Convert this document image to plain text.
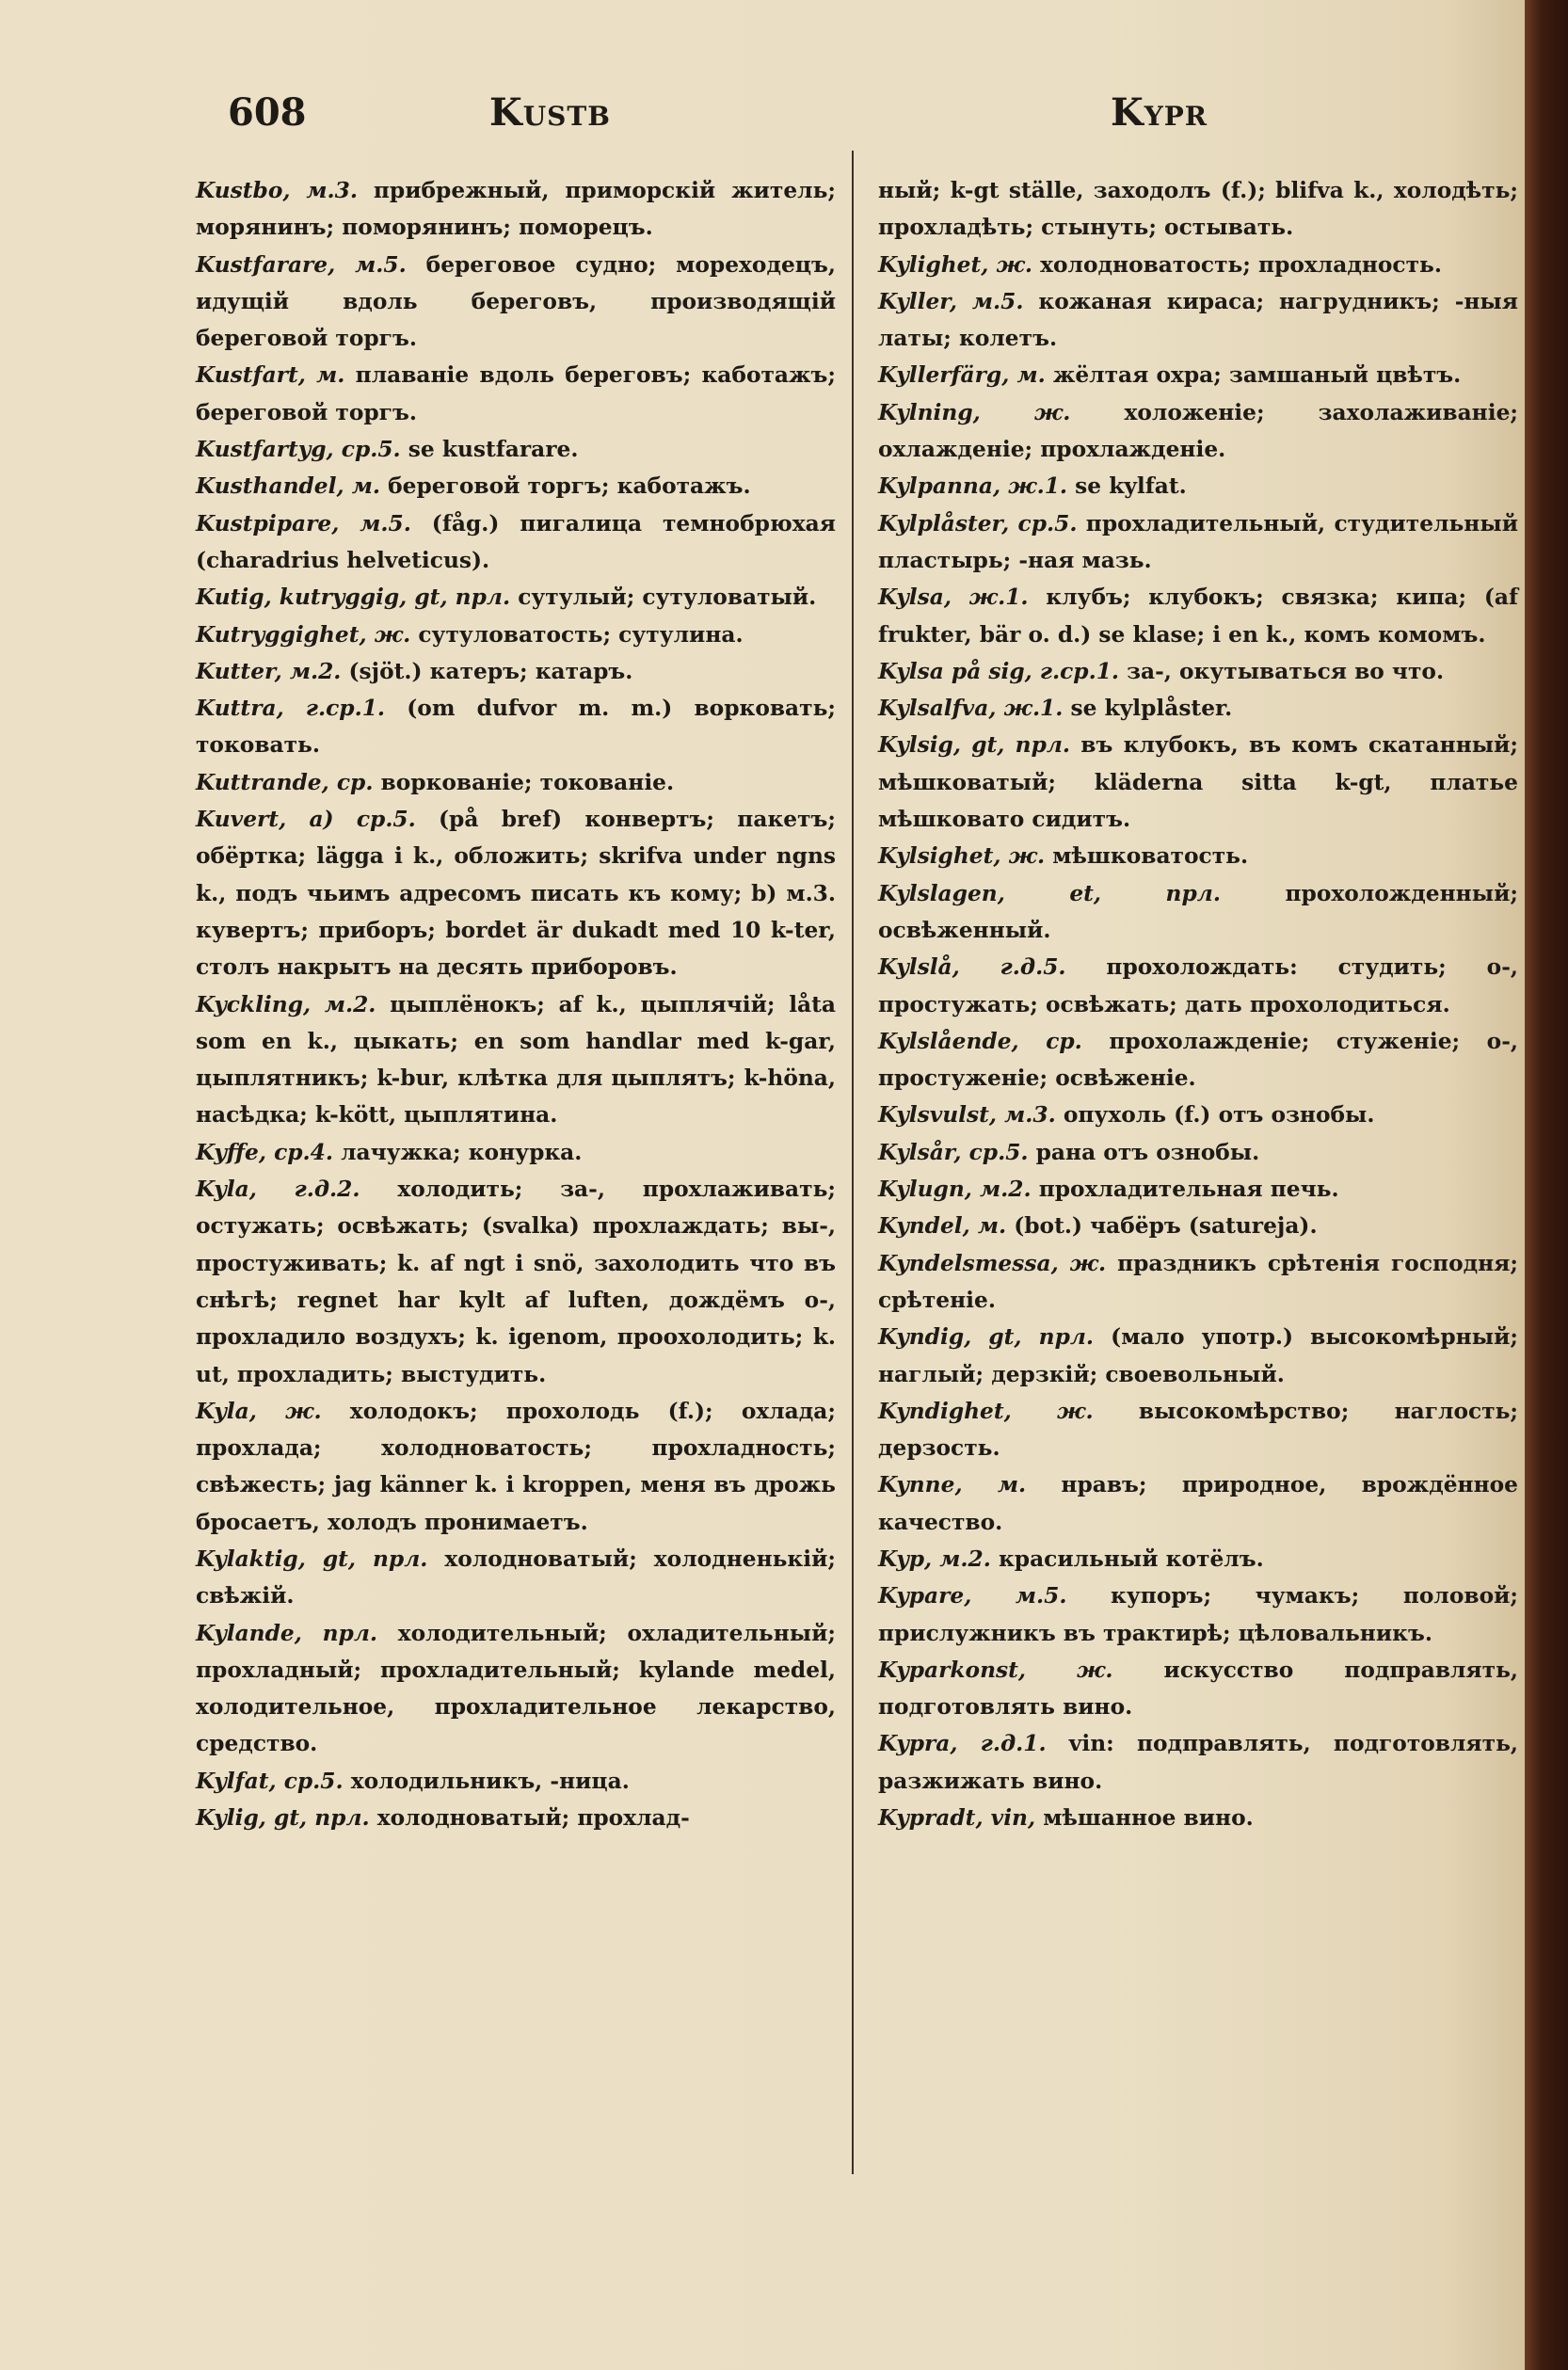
608	Kustb	Kypr

Kustbo, м.3. прибрежный, приморскій житель; морянинъ; поморянинъ; поморецъ.

Kustfarare, м.5. береговое судно; мореходецъ, идущій вдоль береговъ, производящій береговой торгъ.

Kustfart, м. плаваніе вдоль береговъ; каботажъ; береговой торгъ.

Kustfartyg, ср.5. se kustfarare.

Kusthandel, м. береговой торгъ; каботажъ.

Kustpipare, м.5. (fåg.) пигалица темнобрюхая (charadrius helveticus).

Kutig, kutryggig, gt, прл. сутулый; сутуловатый.

Kutryggighet, ж. сутуловатость; сутулина.

Kutter, м.2. (sjöt.) катеръ; катаръ.

Kuttra, г.ср.1. (om dufvor m. m.) ворковать; токовать.

Kuttrande, ср. воркованіе; токованіе.

Kuvert, a) ср.5. (på bref) конвертъ; пакетъ; обёртка; lägga i k., обложить; skrifva under ngns k., подъ чьимъ адресомъ писать къ кому; b) м.3. кувертъ; приборъ; bordet är dukadt med 10 k-ter, столъ накрытъ на десять приборовъ.

Kyckling, м.2. цыплёнокъ; af k., цыплячій; låta som en k., цыкать; en som handlar med k-gar, цыплятникъ; k-bur, клѣтка для цыплятъ; k-höna, насѣдка; k-kött, цыплятина.

Kyffe, ср.4. лачужка; конурка.

Kyla, г.д.2. холодить; за-, прохлаживать; остужать; освѣжать; (svalka) прохлаждать; вы-, простуживать; k. af ngt i snö, захолодить что въ снѣгѣ; regnet har kylt af luften, дождёмъ о-, прохладило воздухъ; k. igenom, проохолодить; k. ut, прохладить; выстудить.

Kyla, ж. холодокъ; прохолодь (f.); охлада; прохлада; холодноватость; прохладность; свѣжесть; jag känner k. i kroppen, меня въ дрожь бросаетъ, холодъ пронимаетъ.

Kylaktig, gt, прл. холодноватый; холодненькій; свѣжій.

Kylande, прл. холодительный; охладительный; прохладный; прохладительный; kylande medel, холодительное, прохладительное лекарство, средство.

Kylfat, ср.5. холодильникъ, -ница.

Kylig, gt, прл. холодноватый; прохлад-

ный; k-gt ställe, заходолъ (f.); blifva k., холодѣть; прохладѣть; стынуть; остывать.

Kylighet, ж. холодноватость; прохладность.

Kyller, м.5. кожаная кираса; нагрудникъ; -ныя латы; колетъ.

Kyllerfärg, м. жёлтая охра; замшаный цвѣтъ.

Kylning, ж. холоженіе; захолаживаніе; охлажденіе; прохлажденіе.

Kylpanna, ж.1. se kylfat.

Kylplåster, ср.5. прохладительный, студительный пластырь; -ная мазь.

Kylsa, ж.1. клубъ; клубокъ; связка; кипа; (af frukter, bär o. d.) se klase; i en k., комъ комомъ.

Kylsa på sig, г.ср.1. за-, окутываться во что.

Kylsalfva, ж.1. se kylplåster.

Kylsig, gt, прл. въ клубокъ, въ комъ скатанный; мѣшковатый; kläderna sitta k-gt, платье мѣшковато сидитъ.

Kylsighet, ж. мѣшковатость.

Kylslagen, et, прл. прохоложденный; освѣженный.

Kylslå, г.д.5. прохолождать: студить; о-, простужать; освѣжать; дать прохолодиться.

Kylslående, ср. прохолажденіе; стуженіе; о-, простуженіе; освѣженіе.

Kylsvulst, м.3. опухоль (f.) отъ ознобы.

Kylsår, ср.5. рана отъ ознобы.

Kylugn, м.2. прохладительная печь.

Kyndel, м. (bot.) чабёръ (satureja).

Kyndelsmessa, ж. праздникъ срѣтенія господня; срѣтеніе.

Kyndig, gt, прл. (мало употр.) высокомѣрный; наглый; дерзкій; своевольный.

Kyndighet, ж. высокомѣрство; наглость; дерзость.

Kynne, м. нравъ; природное, врождённое качество.

Kyp, м.2. красильный котёлъ.

Kypare, м.5. купоръ; чумакъ; половой; прислужникъ въ трактирѣ; цѣловальникъ.

Kyparkonst, ж. искусство подправлять, подготовлять вино.

Kypra, г.д.1. vin: подправлять, подготовлять, разжижать вино.

Kypradt, vin, мѣшанное вино.
